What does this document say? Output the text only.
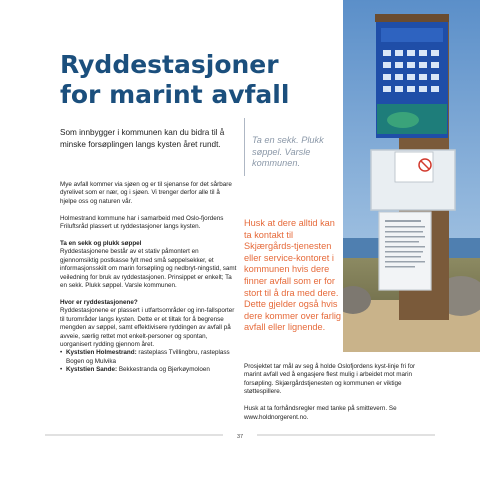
Ryddestasjoner for marint avfall
Som innbygger i kommunen kan du bidra til å minske forsøplingen langs kysten året rundt.	Ta en sekk. Plukk søppel. Varsle kommunen.

Mye avfall kommer via sjøen og er til sjenanse for det sårbare dyrelivet som er nær, og i sjøen. Vi trenger derfor alle til å hjelpe oss og naturen vår.

Holmestrand kommune har i samarbeid med Oslo-fjordens Friluftsråd plassert ut ryddestasjoner langs kysten.

Ta en sekk og plukk søppel

Ryddestasjonene består av et stativ påmontert en gjennomsiktig postkasse fylt med små søppelsekker, et informasjonsskilt om marin forsøpling og nedbryt-ningstid, samt veiledning for bruk av ryddestasjonen. Prinsippet er enkelt; Ta en sekk. Plukk søppel. Varsle kommunen.

Hvor er ryddestasjonene?

Ryddestasjonene er plassert i utfartsområder og inn-fallsporter til turområder langs kysten. Dette er et tiltak for å begrense mengden av søppel, samt effektivisere ryddingen av avfall på avveie, særlig rettet mot enkelt-personer og spontan, uorganisert rydding gjennom året.

• Kyststien Holmestrand: rasteplass Tvillingbru, rasteplass Bogen og Mulvika
• Kyststien Sande: Bekkestranda og Bjerkøymoloen
Husk at dere alltid kan ta kontakt til Skjærgårds-tjenesten eller service-kontoret i kommunen hvis dere finner avfall som er for stort til å dra med dere. Dette gjelder også hvis dere kommer over farlig avfall eller lignende.

Prosjektet tar mål av seg å holde Oslofjordens kyst-linje fri for marint avfall ved å engasjere flest mulig i arbeidet mot marin forsøpling. Skjærgårdstjenesten og kommunen er viktige støttespillere.

Husk at ta forhåndsregler med tanke på smittevern. Se www.holdnorgerent.no.

37
